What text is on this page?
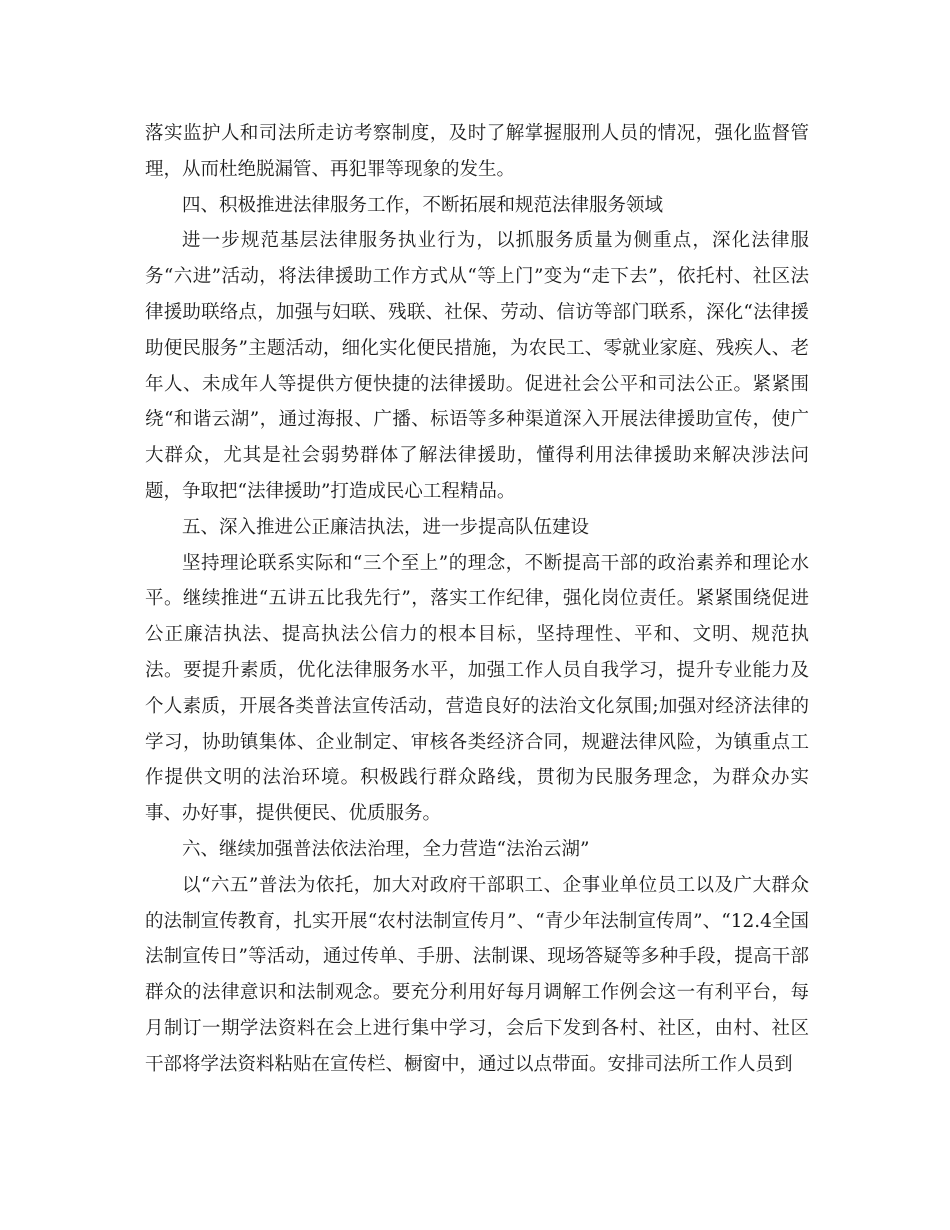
落实监护人和司法所走访考察制度，及时了解掌握服刑人员的情况，强化监督管理，从而杜绝脱漏管、再犯罪等现象的发生。

四、积极推进法律服务工作，不断拓展和规范法律服务领域

进一步规范基层法律服务执业行为，以抓服务质量为侧重点，深化法律服务“六进”活动，将法律援助工作方式从“等上门”变为“走下去”，依托村、社区法律援助联络点，加强与妇联、残联、社保、劳动、信访等部门联系，深化“法律援助便民服务”主题活动，细化实化便民措施，为农民工、零就业家庭、残疾人、老年人、未成年人等提供方便快捷的法律援助。促进社会公平和司法公正。紧紧围绕“和谐云湖”，通过海报、广播、标语等多种渠道深入开展法律援助宣传，使广大群众，尤其是社会弱势群体了解法律援助，懂得利用法律援助来解决涉法问题，争取把“法律援助”打造成民心工程精品。

五、深入推进公正廉洁执法，进一步提高队伍建设

坚持理论联系实际和“三个至上”的理念，不断提高干部的政治素养和理论水平。继续推进“五讲五比我先行”，落实工作纪律，强化岗位责任。紧紧围绕促进公正廉洁执法、提高执法公信力的根本目标，坚持理性、平和、文明、规范执法。要提升素质，优化法律服务水平，加强工作人员自我学习，提升专业能力及个人素质，开展各类普法宣传活动，营造良好的法治文化氛围;加强对经济法律的学习，协助镇集体、企业制定、审核各类经济合同，规避法律风险，为镇重点工作提供文明的法治环境。积极践行群众路线，贯彻为民服务理念，为群众办实事、办好事，提供便民、优质服务。

六、继续加强普法依法治理，全力营造“法治云湖”

以“六五”普法为依托，加大对政府干部职工、企事业单位员工以及广大群众的法制宣传教育，扎实开展“农村法制宣传月”、“青少年法制宣传周”、“12.4全国法制宣传日”等活动，通过传单、手册、法制课、现场答疑等多种手段，提高干部群众的法律意识和法制观念。要充分利用好每月调解工作例会这一有利平台，每月制订一期学法资料在会上进行集中学习，会后下发到各村、社区，由村、社区干部将学法资料粘贴在宣传栏、橱窗中，通过以点带面。安排司法所工作人员到
